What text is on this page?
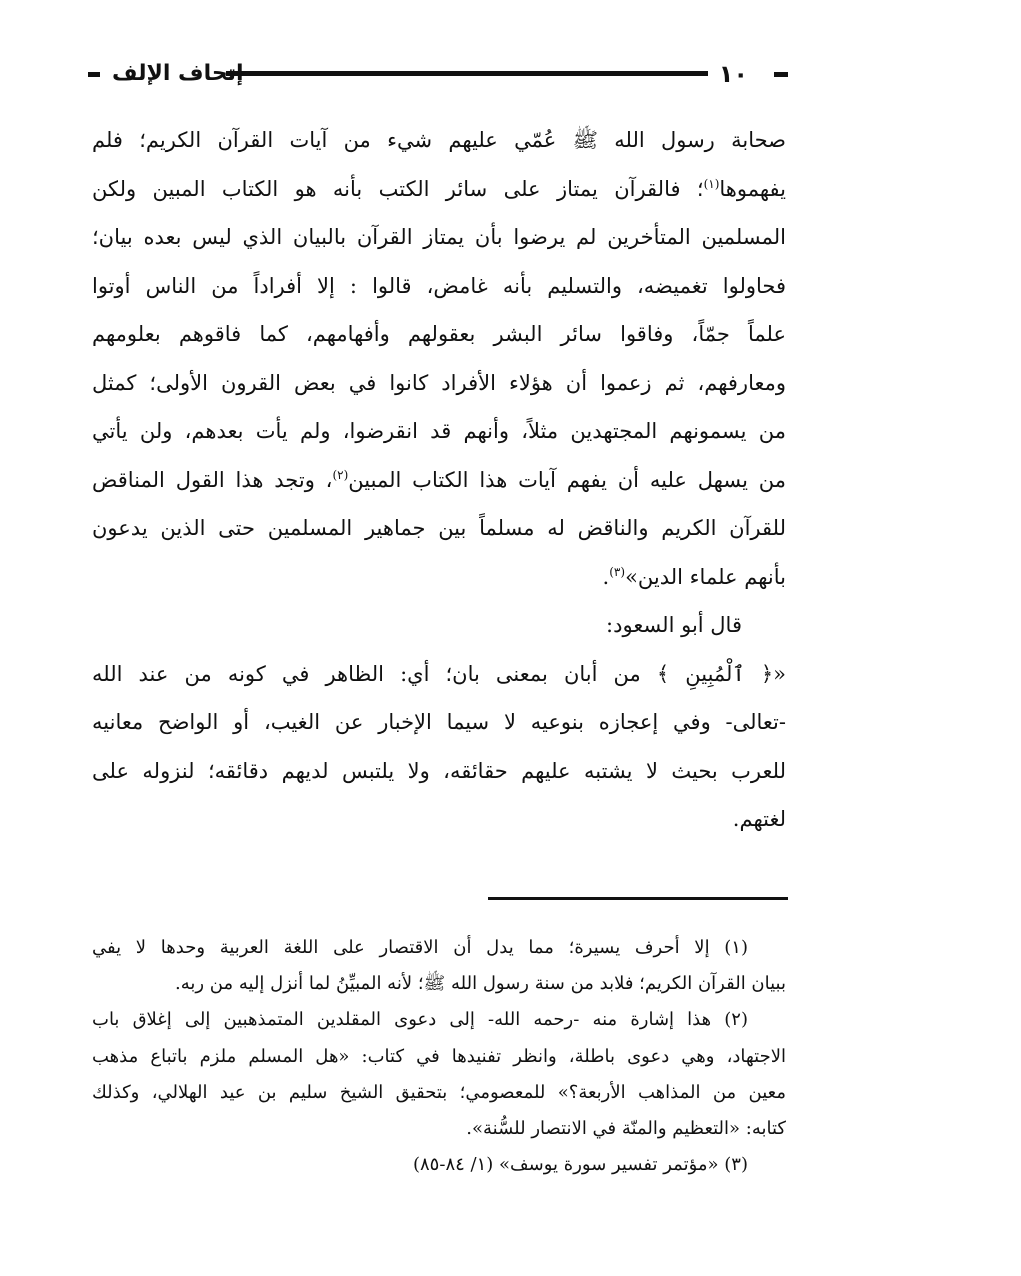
١٠
إتحاف الإلف
صحابة رسول الله ﷺ عُمّي عليهم شيء من آيات القرآن الكريم؛ فلم
يفهموها$^{(١)}$؛ فالقرآن يمتاز على سائر الكتب بأنه هو الكتاب المبين ولكن
المسلمين المتأخرين لم يرضوا بأن يمتاز القرآن بالبيان الذي ليس بعده بيان؛
فحاولوا تغميضه، والتسليم بأنه غامض، قالوا : إلا أفراداً من الناس أوتوا
علماً جمّاً، وفاقوا سائر البشر بعقولهم وأفهامهم، كما فاقوهم بعلومهم
ومعارفهم، ثم زعموا أن هؤلاء الأفراد كانوا في بعض القرون الأولى؛ كمثل
من يسمونهم المجتهدين مثلاً، وأنهم قد انقرضوا، ولم يأت بعدهم، ولن يأتي
من يسهل عليه أن يفهم آيات هذا الكتاب المبين$^{(٢)}$، وتجد هذا القول المناقض
للقرآن الكريم والناقض له مسلماً بين جماهير المسلمين حتى الذين يدعون
بأنهم علماء الدين»$^{(٣)}$.
قال أبو السعود:
«﴿ ٱلْمُبِينِ ﴾ من أبان بمعنى بان؛ أي: الظاهر في كونه من عند الله
-تعالى- وفي إعجازه بنوعيه لا سيما الإخبار عن الغيب، أو الواضح معانيه
للعرب بحيث لا يشتبه عليهم حقائقه، ولا يلتبس لديهم دقائقه؛ لنزوله على
لغتهم.
(١) إلا أحرف يسيرة؛ مما يدل أن الاقتصار على اللغة العربية وحدها لا يفي
ببيان القرآن الكريم؛ فلابد من سنة رسول الله ﷺ؛ لأنه المبيِّنُ لما أنزل إليه من ربه.
(٢) هذا إشارة منه -رحمه الله- إلى دعوى المقلدين المتمذهبين إلى إغلاق باب
الاجتهاد، وهي دعوى باطلة، وانظر تفنيدها في كتاب: «هل المسلم ملزم باتباع مذهب
معين من المذاهب الأربعة؟» للمعصومي؛ بتحقيق الشيخ سليم بن عيد الهلالي، وكذلك
كتابه: «التعظيم والمنّة في الانتصار للسُّنة».
(٣) «مؤتمر تفسير سورة يوسف» (١/ ٨٤-٨٥)
